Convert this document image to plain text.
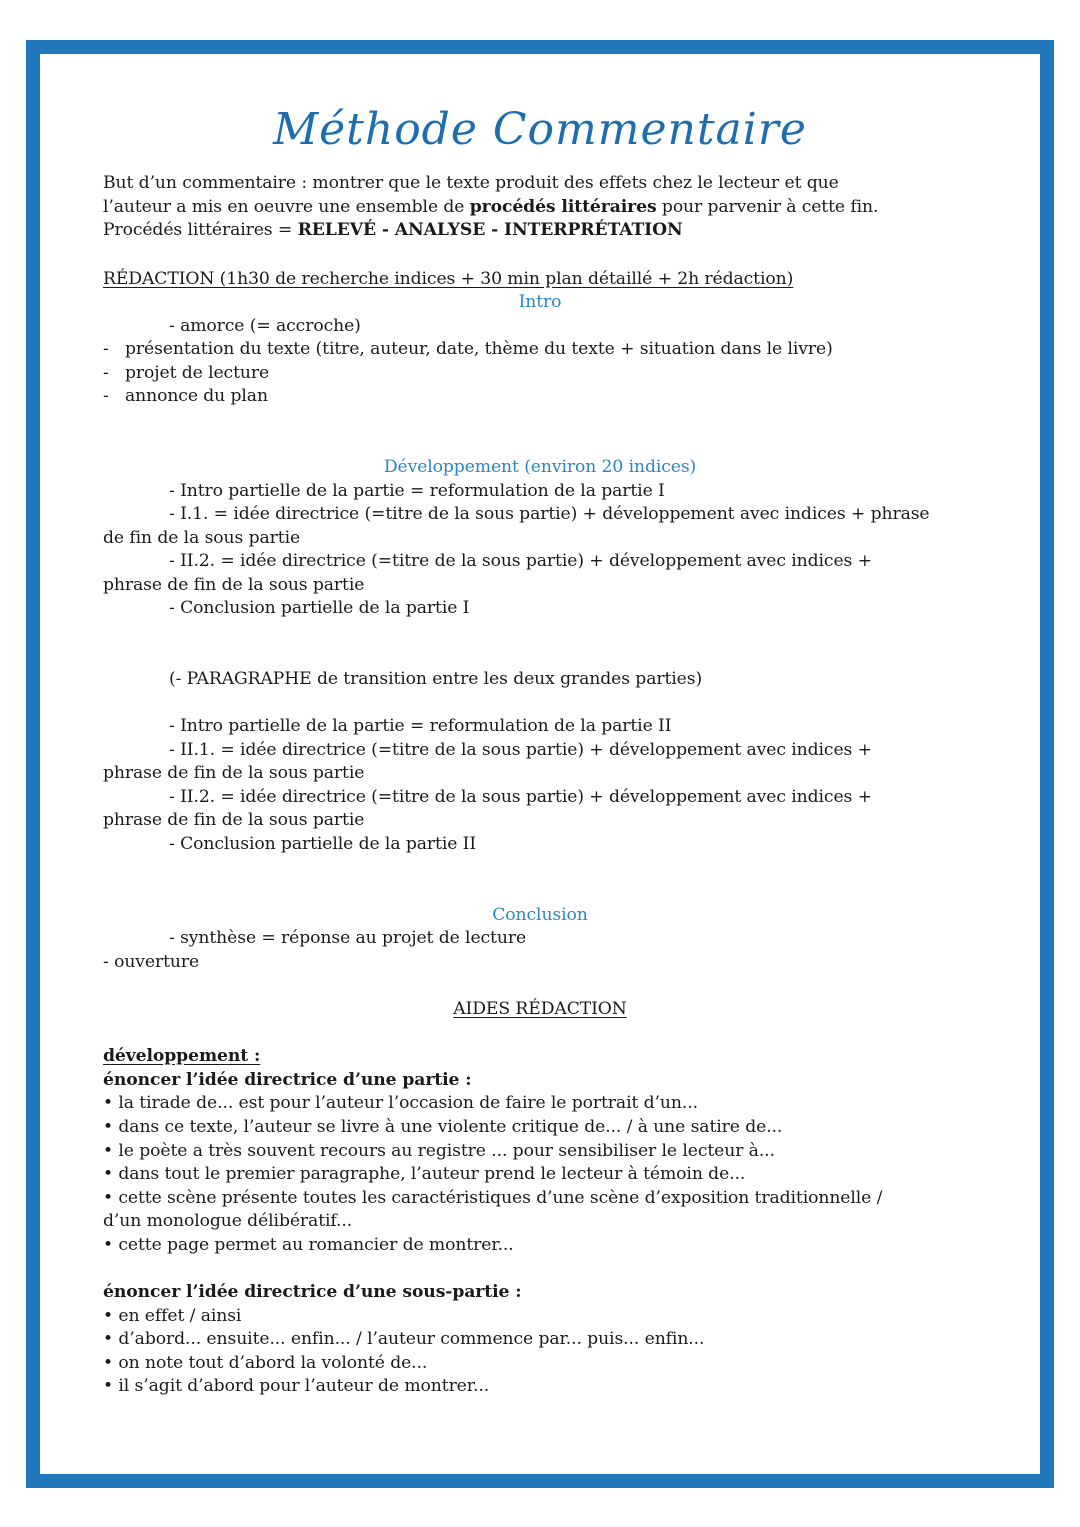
Méthode Commentaire
But d’un commentaire : montrer que le texte produit des effets chez le lecteur et que
l’auteur a mis en oeuvre une ensemble de procédés littéraires pour parvenir à cette fin.
Procédés littéraires = RELEVÉ - ANALYSE - INTERPRÉTATION
RÉDACTION (1h30 de recherche indices + 30 min plan détaillé + 2h rédaction)
Intro
- amorce (= accroche)
- présentation du texte (titre, auteur, date, thème du texte + situation dans le livre)
- projet de lecture
- annonce du plan
Développement (environ 20 indices)
- Intro partielle de la partie = reformulation de la partie I
- I.1. = idée directrice (=titre de la sous partie) + développement avec indices + phrase
de fin de la sous partie
- II.2. = idée directrice (=titre de la sous partie) + développement avec indices +
phrase de fin de la sous partie
- Conclusion partielle de la partie I
(- PARAGRAPHE de transition entre les deux grandes parties)
- Intro partielle de la partie = reformulation de la partie II
- II.1. = idée directrice (=titre de la sous partie) + développement avec indices +
phrase de fin de la sous partie
- II.2. = idée directrice (=titre de la sous partie) + développement avec indices +
phrase de fin de la sous partie
- Conclusion partielle de la partie II
Conclusion
- synthèse = réponse au projet de lecture
- ouverture
AIDES RÉDACTION
développement :
énoncer l’idée directrice d’une partie :
• la tirade de... est pour l’auteur l’occasion de faire le portrait d’un...
• dans ce texte, l’auteur se livre à une violente critique de... / à une satire de...
• le poète a très souvent recours au registre ... pour sensibiliser le lecteur à...
• dans tout le premier paragraphe, l’auteur prend le lecteur à témoin de...
• cette scène présente toutes les caractéristiques d’une scène d’exposition traditionnelle /
d’un monologue délibératif...
• cette page permet au romancier de montrer...
énoncer l’idée directrice d’une sous-partie :
• en effet / ainsi
• d’abord... ensuite... enfin... / l’auteur commence par... puis... enfin...
• on note tout d’abord la volonté de...
• il s’agit d’abord pour l’auteur de montrer...
